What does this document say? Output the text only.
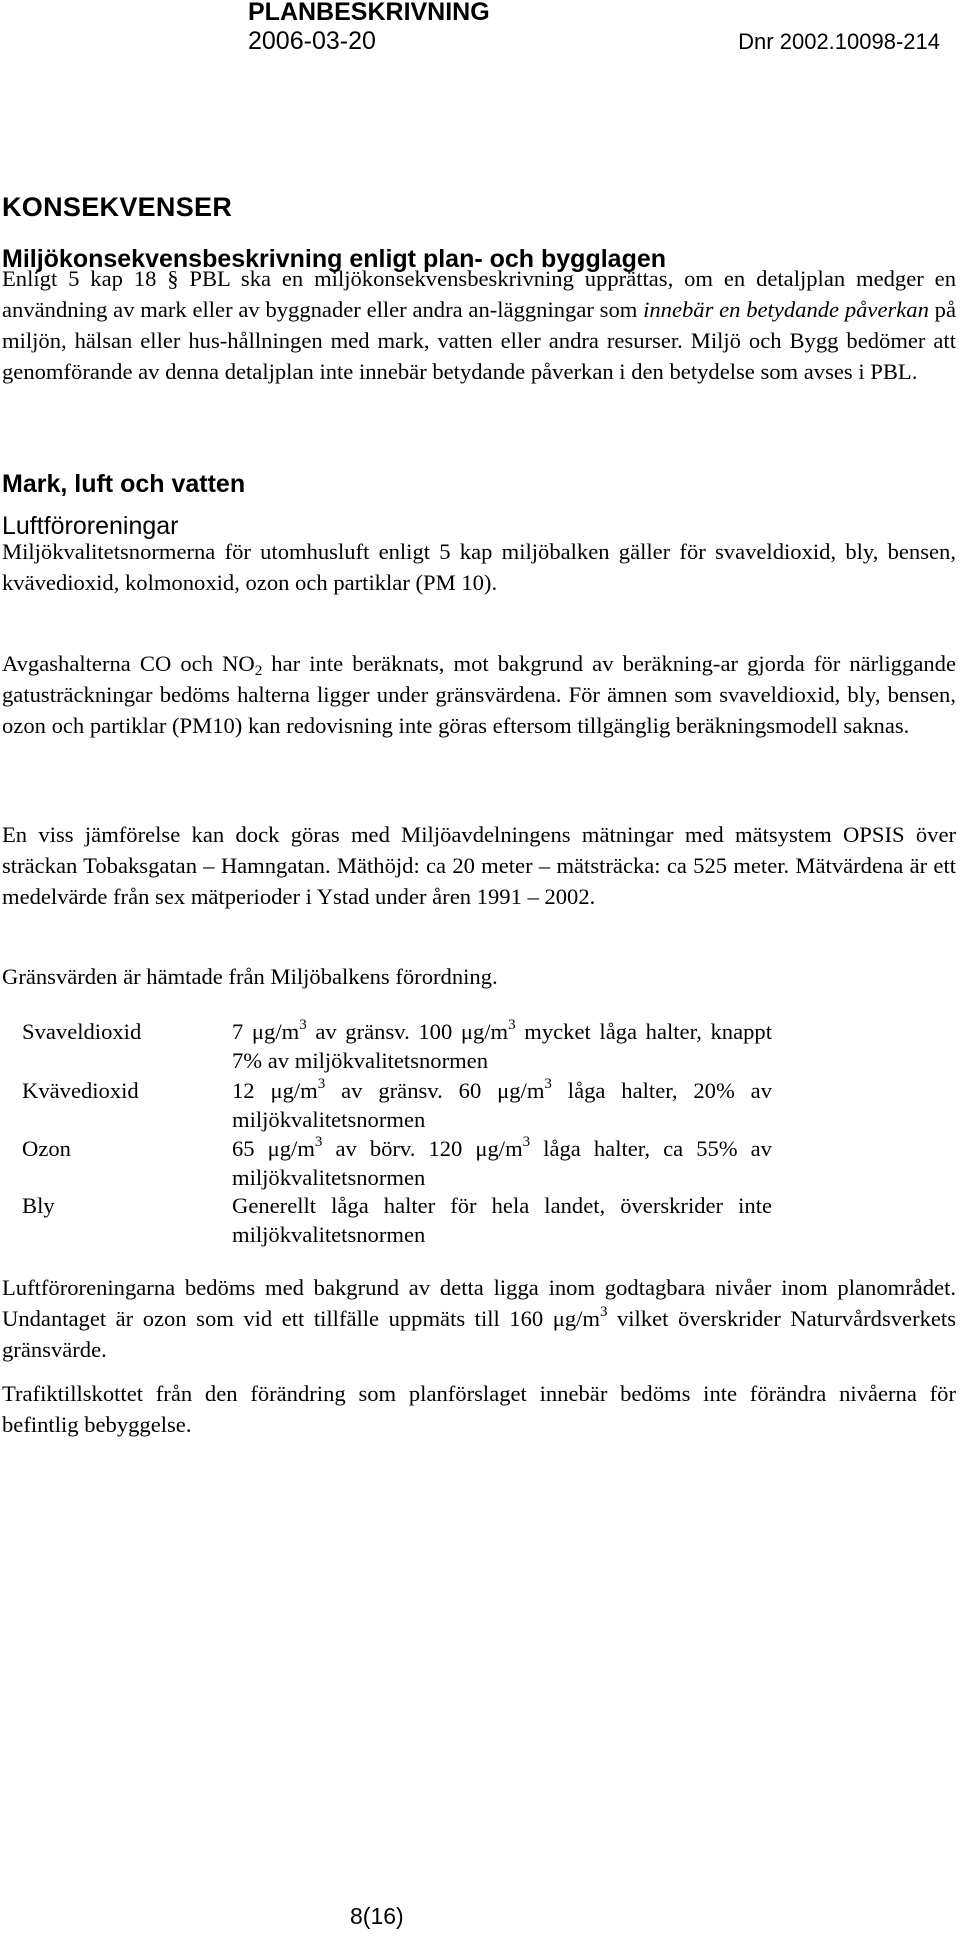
PLANBESKRIVNING
2006-03-20	Dnr 2002.10098-214
KONSEKVENSER
Miljökonsekvensbeskrivning enligt plan- och bygglagen

Enligt 5 kap 18 § PBL ska en miljökonsekvensbeskrivning upprättas, om en detaljplan medger en användning av mark eller av byggnader eller andra an-läggningar som innebär en betydande påverkan på miljön, hälsan eller hus-hållningen med mark, vatten eller andra resurser. Miljö och Bygg bedömer att genomförande av denna detaljplan inte innebär betydande påverkan i den betydelse som avses i PBL.

Mark, luft och vatten
Luftföroreningar

Miljökvalitetsnormerna för utomhusluft enligt 5 kap miljöbalken gäller för svaveldioxid, bly, bensen, kvävedioxid, kolmonoxid, ozon och partiklar (PM 10).

Avgashalterna CO och $NO_2$ har inte beräknats, mot bakgrund av beräkning-ar gjorda för närliggande gatusträckningar bedöms halterna ligger under gränsvärdena. För ämnen som svaveldioxid, bly, bensen, ozon och partiklar (PM10) kan redovisning inte göras eftersom tillgänglig beräkningsmodell saknas.

En viss jämförelse kan dock göras med Miljöavdelningens mätningar med mätsystem OPSIS över sträckan Tobaksgatan – Hamngatan. Mäthöjd: ca 20 meter – mätsträcka: ca 525 meter. Mätvärdena är ett medelvärde från sex mätperioder i Ystad under åren 1991 – 2002.

Gränsvärden är hämtade från Miljöbalkens förordning.

Svaveldioxid	7 $\mu g/m^3$ av gränsv. 100 $\mu g/m^3$ mycket låga halter, knappt 7% av miljökvalitetsnormen
Kvävedioxid	12 $\mu g/m^3$ av gränsv. 60 $\mu g/m^3$ låga halter, 20% av miljökvalitetsnormen
Ozon	65 $\mu g/m^3$ av börv. 120 $\mu g/m^3$ låga halter, ca 55% av miljökvalitetsnormen
Bly	Generellt låga halter för hela landet, överskrider inte miljökvalitetsnormen

Luftföroreningarna bedöms med bakgrund av detta ligga inom godtagbara nivåer inom planområdet. Undantaget är ozon som vid ett tillfälle uppmäts till 160 $\mu g/m^3$ vilket överskrider Naturvårdsverkets gränsvärde.

Trafiktillskottet från den förändring som planförslaget innebär bedöms inte förändra nivåerna för befintlig bebyggelse.

8(16)
